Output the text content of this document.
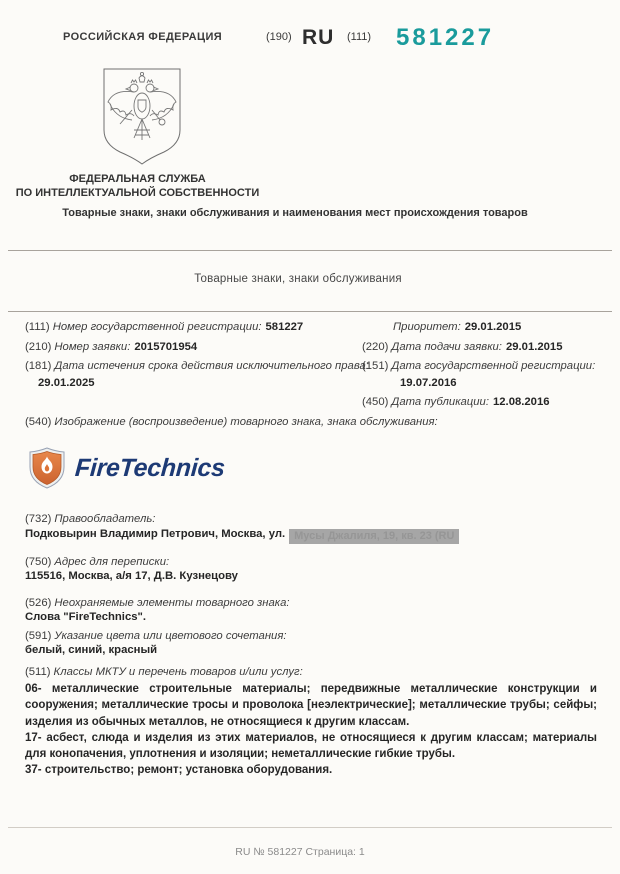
РОССИЙСКАЯ ФЕДЕРАЦИЯ	(190) RU (111) 581227
ФЕДЕРАЛЬНАЯ СЛУЖБА
ПО ИНТЕЛЛЕКТУАЛЬНОЙ СОБСТВЕННОСТИ
Товарные знаки, знаки обслуживания и наименования мест происхождения товаров
Товарные знаки, знаки обслуживания
(111) Номер государственной регистрации: 581227
(210) Номер заявки: 2015701954
(181) Дата истечения срока действия исключительного права:
29.01.2025
Приоритет: 29.01.2015
(220) Дата подачи заявки: 29.01.2015
(151) Дата государственной регистрации:
19.07.2016
(450) Дата публикации: 12.08.2016
(540) Изображение (воспроизведение) товарного знака, знака обслуживания:
FireTechnics
(732) Правообладатель:
Подковырин Владимир Петрович, Москва, ул. Мусы Джалиля, 19, кв. 23 (RU
(750) Адрес для переписки:
115516, Москва, а/я 17, Д.В. Кузнецову
(526) Неохраняемые элементы товарного знака:
Слова "FireTechnics".
(591) Указание цвета или цветового сочетания:
белый, синий, красный
(511) Классы МКТУ и перечень товаров и/или услуг:

06- металлические строительные материалы; передвижные металлические конструкции и сооружения; металлические тросы и проволока [неэлектрические]; металлические трубы; сейфы; изделия из обычных металлов, не относящиеся к другим классам.

17- асбест, слюда и изделия из этих материалов, не относящиеся к другим классам; материалы для конопачения, уплотнения и изоляции; неметаллические гибкие трубы.

37- строительство; ремонт; установка оборудования.

RU № 581227 Страница: 1
